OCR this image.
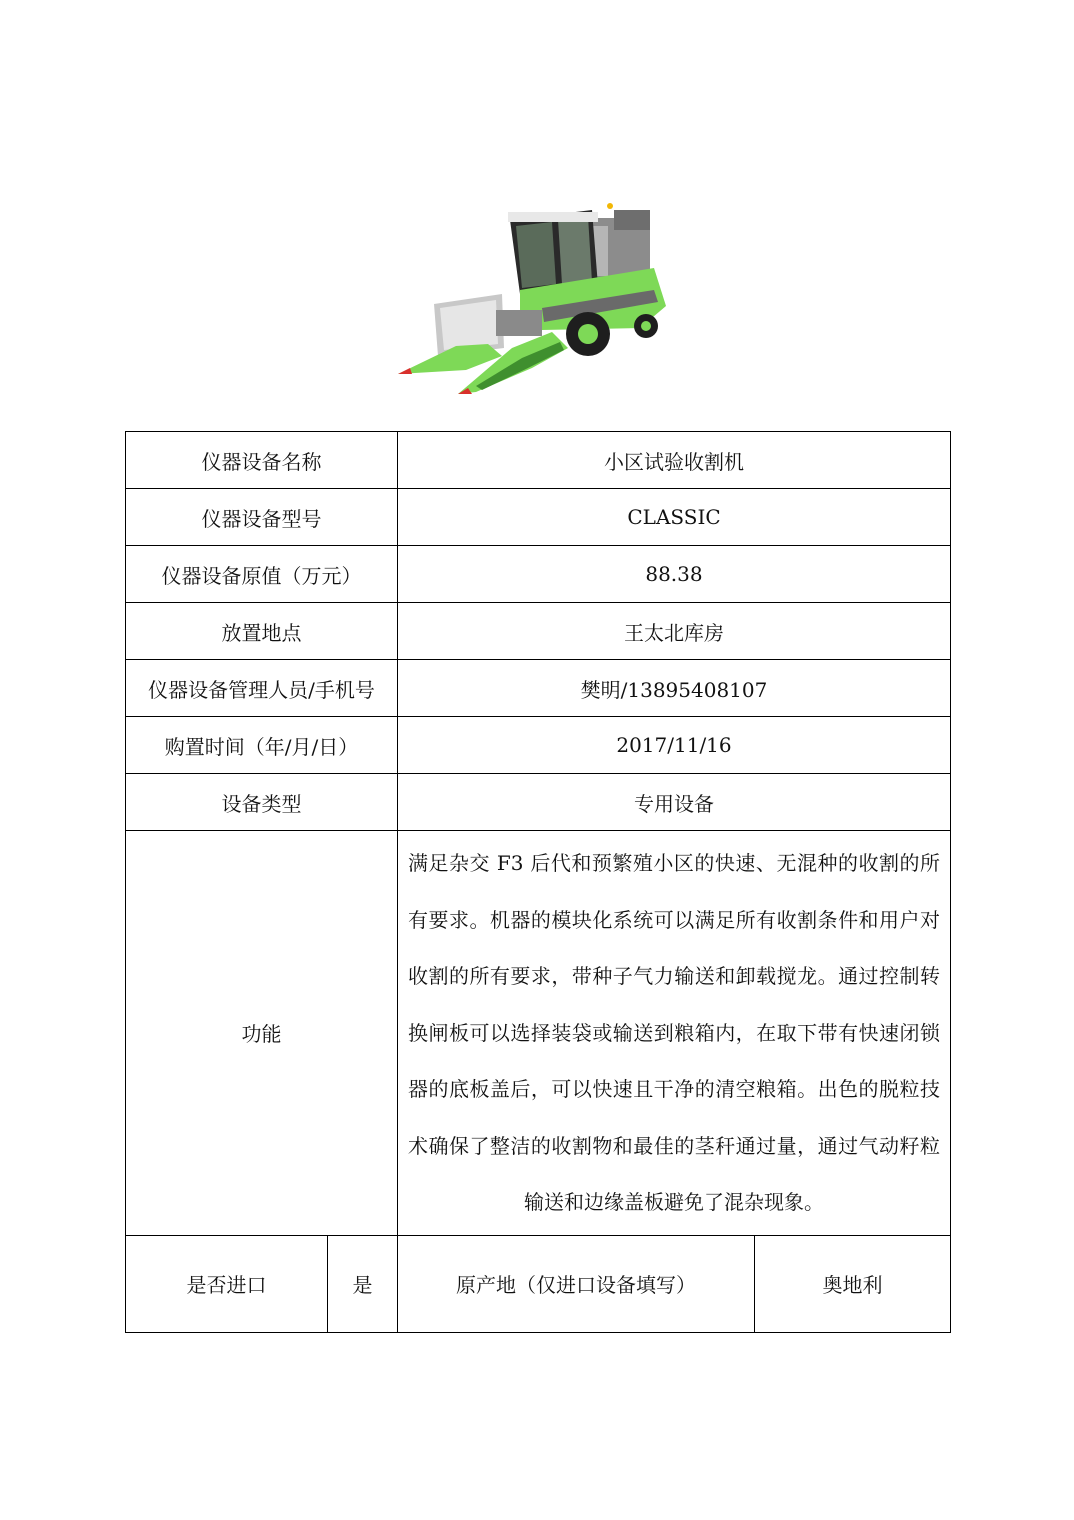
仪器设备名称		小区试验收割机	
仪器设备型号		CLASSIC	
仪器设备原值（万元）		88.38	
放置地点		王太北库房	
仪器设备管理人员/手机号		樊明/13895408107	
购置时间（年/月/日）		2017/11/16	
设备类型		专用设备	
功能		满足杂交 F3 后代和预繁殖小区的快速、无混种的收割的所有要求。机器的模块化系统可以满足所有收割条件和用户对收割的所有要求，带种子气力输送和卸载搅龙。通过控制转换闸板可以选择装袋或输送到粮箱内，在取下带有快速闭锁器的底板盖后，可以快速且干净的清空粮箱。出色的脱粒技术确保了整洁的收割物和最佳的茎秆通过量，通过气动籽粒输送和边缘盖板避免了混杂现象。	
是否进口	是	原产地（仅进口设备填写）	奥地利
